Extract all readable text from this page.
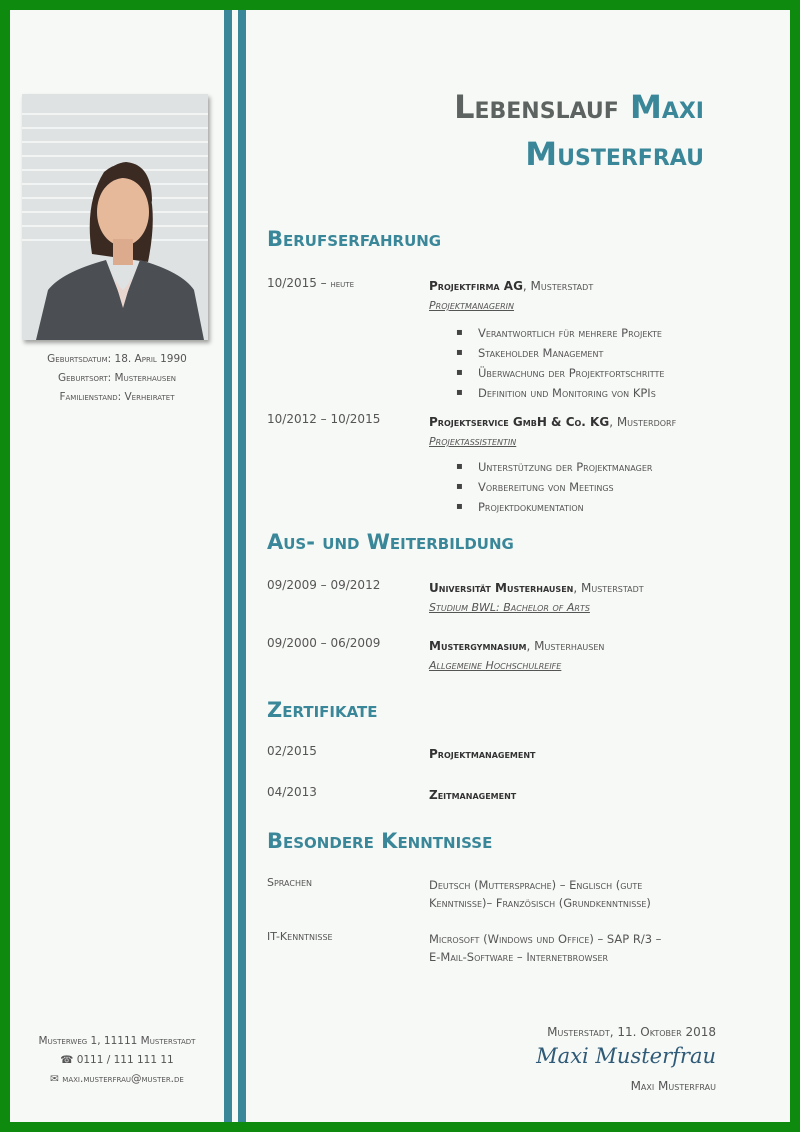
Geburtsdatum: 18. April 1990
Geburtsort: Musterhausen
Familienstand: Verheiratet
Musterweg 1, 11111 Musterstadt
☎ 0111 / 111 111 11
✉ maxi.musterfrau@muster.de
Lebenslauf Maxi
Musterfrau
Berufserfahrung
10/2015 – heute	Projektfirma AG, Musterstadt
Projektmanagerin
▪ Verantwortlich für mehrere Projekte
▪ Stakeholder Management
▪ Überwachung der Projektfortschritte
▪ Definition und Monitoring von KPIs
10/2012 – 10/2015	Projektservice GmbH & Co. KG, Musterdorf
Projektassistentin
▪ Unterstützung der Projektmanager
▪ Vorbereitung von Meetings
▪ Projektdokumentation
Aus- und Weiterbildung
09/2009 – 09/2012	Universität Musterhausen, Musterstadt
Studium BWL: Bachelor of Arts
09/2000 – 06/2009	Mustergymnasium, Musterhausen
Allgemeine Hochschulreife
Zertifikate
02/2015	Projektmanagement
04/2013	Zeitmanagement
Besondere Kenntnisse
Sprachen	Deutsch (Muttersprache) – Englisch (gute
Kenntnisse)– Französisch (Grundkenntnisse)
IT-Kenntnisse	Microsoft (Windows und Office) – SAP R/3 –
E-Mail-Software – Internetbrowser
Musterstadt, 11. Oktober 2018
Maxi Musterfrau
Maxi Musterfrau
